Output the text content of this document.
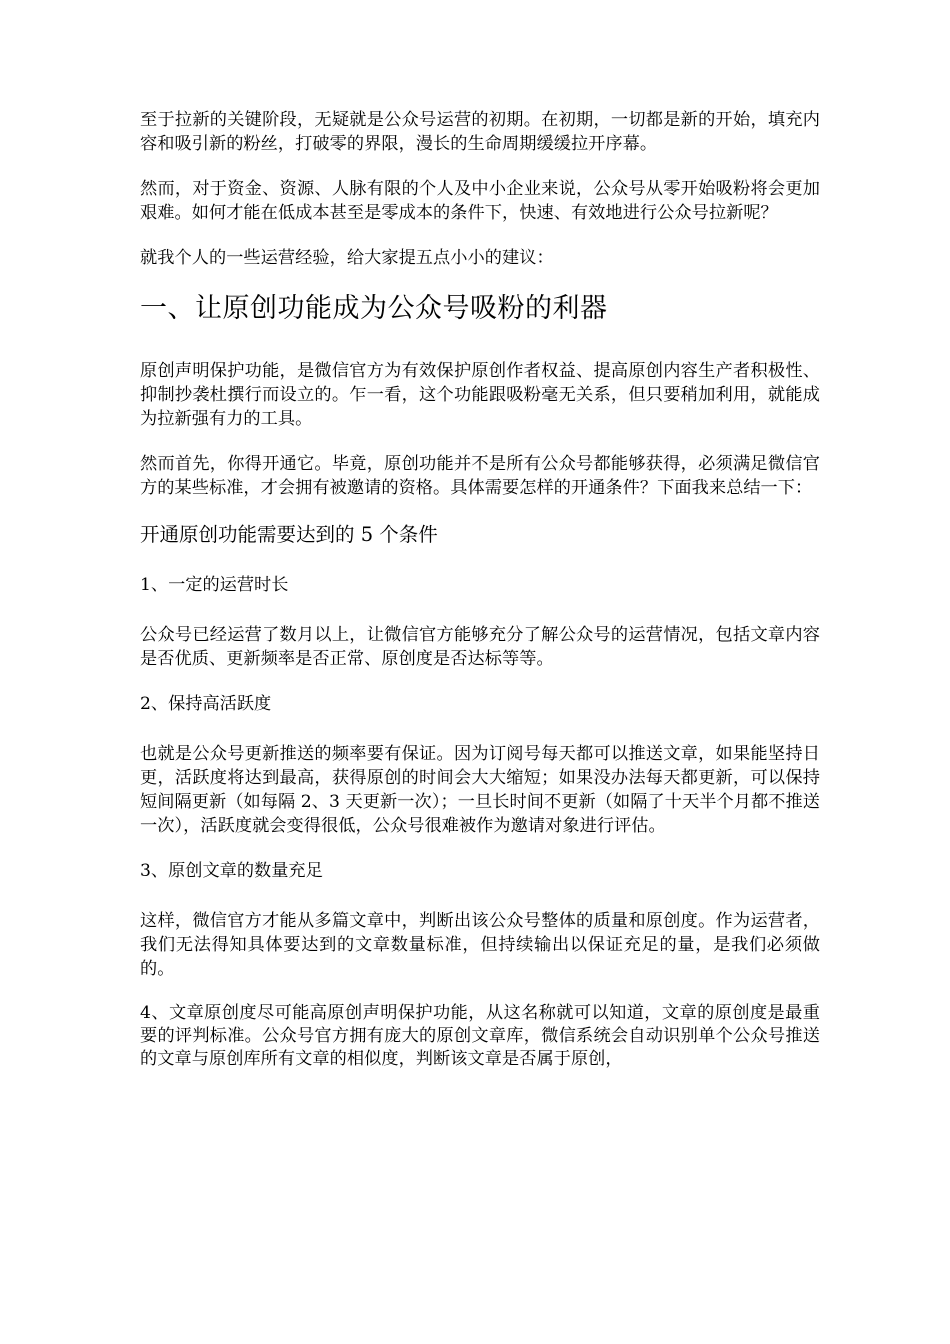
至于拉新的关键阶段，无疑就是公众号运营的初期。在初期，一切都是新的开始，填充内容和吸引新的粉丝，打破零的界限，漫长的生命周期缓缓拉开序幕。

然而，对于资金、资源、人脉有限的个人及中小企业来说，公众号从零开始吸粉将会更加艰难。如何才能在低成本甚至是零成本的条件下，快速、有效地进行公众号拉新呢？

就我个人的一些运营经验，给大家提五点小小的建议：

一、让原创功能成为公众号吸粉的利器

原创声明保护功能，是微信官方为有效保护原创作者权益、提高原创内容生产者积极性、抑制抄袭杜撰行而设立的。乍一看，这个功能跟吸粉毫无关系，但只要稍加利用，就能成为拉新强有力的工具。

然而首先，你得开通它。毕竟，原创功能并不是所有公众号都能够获得，必须满足微信官方的某些标准，才会拥有被邀请的资格。具体需要怎样的开通条件？下面我来总结一下：

开通原创功能需要达到的 5 个条件
1、一定的运营时长

公众号已经运营了数月以上，让微信官方能够充分了解公众号的运营情况，包括文章内容是否优质、更新频率是否正常、原创度是否达标等等。

2、保持高活跃度

也就是公众号更新推送的频率要有保证。因为订阅号每天都可以推送文章，如果能坚持日更，活跃度将达到最高，获得原创的时间会大大缩短；如果没办法每天都更新，可以保持短间隔更新（如每隔 2、3 天更新一次）；一旦长时间不更新（如隔了十天半个月都不推送一次），活跃度就会变得很低，公众号很难被作为邀请对象进行评估。

3、原创文章的数量充足

这样，微信官方才能从多篇文章中，判断出该公众号整体的质量和原创度。作为运营者，我们无法得知具体要达到的文章数量标准，但持续输出以保证充足的量，是我们必须做的。

4、文章原创度尽可能高原创声明保护功能，从这名称就可以知道，文章的原创度是最重要的评判标准。公众号官方拥有庞大的原创文章库，微信系统会自动识别单个公众号推送的文章与原创库所有文章的相似度，判断该文章是否属于原创，
